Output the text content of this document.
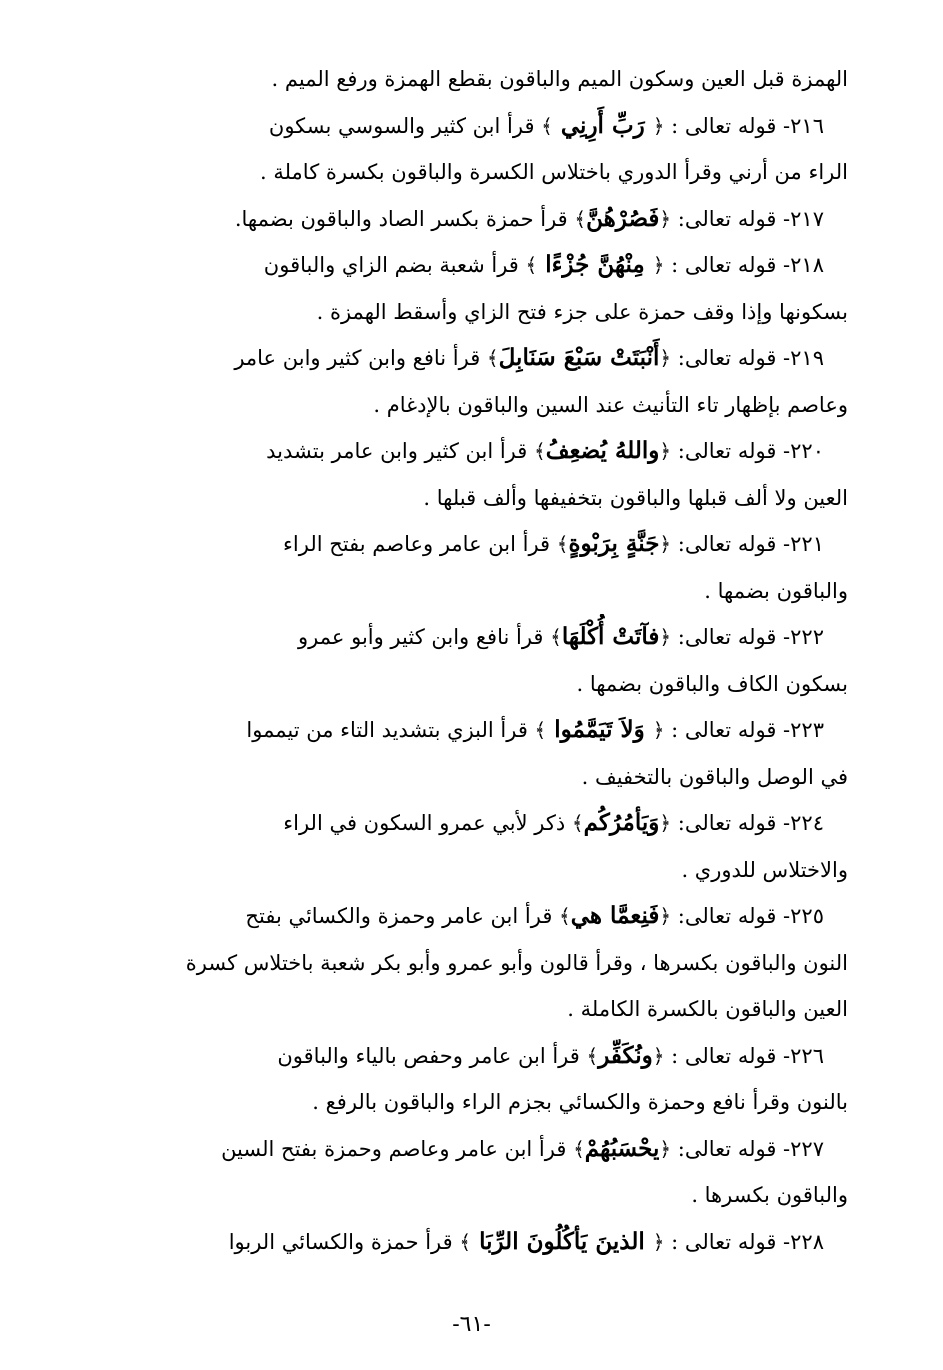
الهمزة قبل العين وسكون الميم والباقون بقطع الهمزة ورفع الميم .
٢١٦- قوله تعالى : ﴿ رَبِّ أَرِنِي ﴾ قرأ ابن كثير والسوسي بسكون
الراء من أرني وقرأ الدوري باختلاس الكسرة والباقون بكسرة كاملة .
٢١٧- قوله تعالى: ﴿فَصُرْهُنَّ﴾ قرأ حمزة بكسر الصاد والباقون بضمها.
٢١٨- قوله تعالى : ﴿ مِنْهُنَّ جُزْءًا ﴾ قرأ شعبة بضم الزاي والباقون
بسكونها وإذا وقف حمزة على جزء فتح الزاي وأسقط الهمزة .
٢١٩- قوله تعالى: ﴿أَنْبَتَتْ سَبْعَ سَنَابِلَ﴾ قرأ نافع وابن كثير وابن عامر
وعاصم بإظهار تاء التأنيث عند السين والباقون بالإدغام .
٢٢٠- قوله تعالى: ﴿واللهُ يُضعِفُ﴾ قرأ ابن كثير وابن عامر بتشديد
العين ولا ألف قبلها والباقون بتخفيفها وألف قبلها .
٢٢١- قوله تعالى: ﴿جَنَّةٍ بِرَبْوةٍ﴾ قرأ ابن عامر وعاصم بفتح الراء
والباقون بضمها .
٢٢٢- قوله تعالى: ﴿فآتَتْ أُكْلَهَا﴾ قرأ نافع وابن كثير وأبو عمرو
بسكون الكاف والباقون بضمها .
٢٢٣- قوله تعالى : ﴿ وَلاَ تَيَمَّمُوا ﴾ قرأ البزي بتشديد التاء من تيمموا
في الوصل والباقون بالتخفيف .
٢٢٤- قوله تعالى: ﴿وَيَأمُرُكُم﴾ ذكر لأبي عمرو السكون في الراء
والاختلاس للدوري .
٢٢٥- قوله تعالى: ﴿فَنِعمَّا هي﴾ قرأ ابن عامر وحمزة والكسائي بفتح
النون والباقون بكسرها ، وقرأ قالون وأبو عمرو وأبو بكر شعبة باختلاس كسرة
العين والباقون بالكسرة الكاملة .
٢٢٦- قوله تعالى : ﴿ونُكَفِّر﴾ قرأ ابن عامر وحفص بالياء والباقون
بالنون وقرأ نافع وحمزة والكسائي بجزم الراء والباقون بالرفع .
٢٢٧- قوله تعالى: ﴿يحْسَبُهُمْ﴾ قرأ ابن عامر وعاصم وحمزة بفتح السين
والباقون بكسرها .
٢٢٨- قوله تعالى : ﴿ الذينَ يَأكُلُونَ الرِّبَا ﴾ قرأ حمزة والكسائي الربوا
-٦١-
